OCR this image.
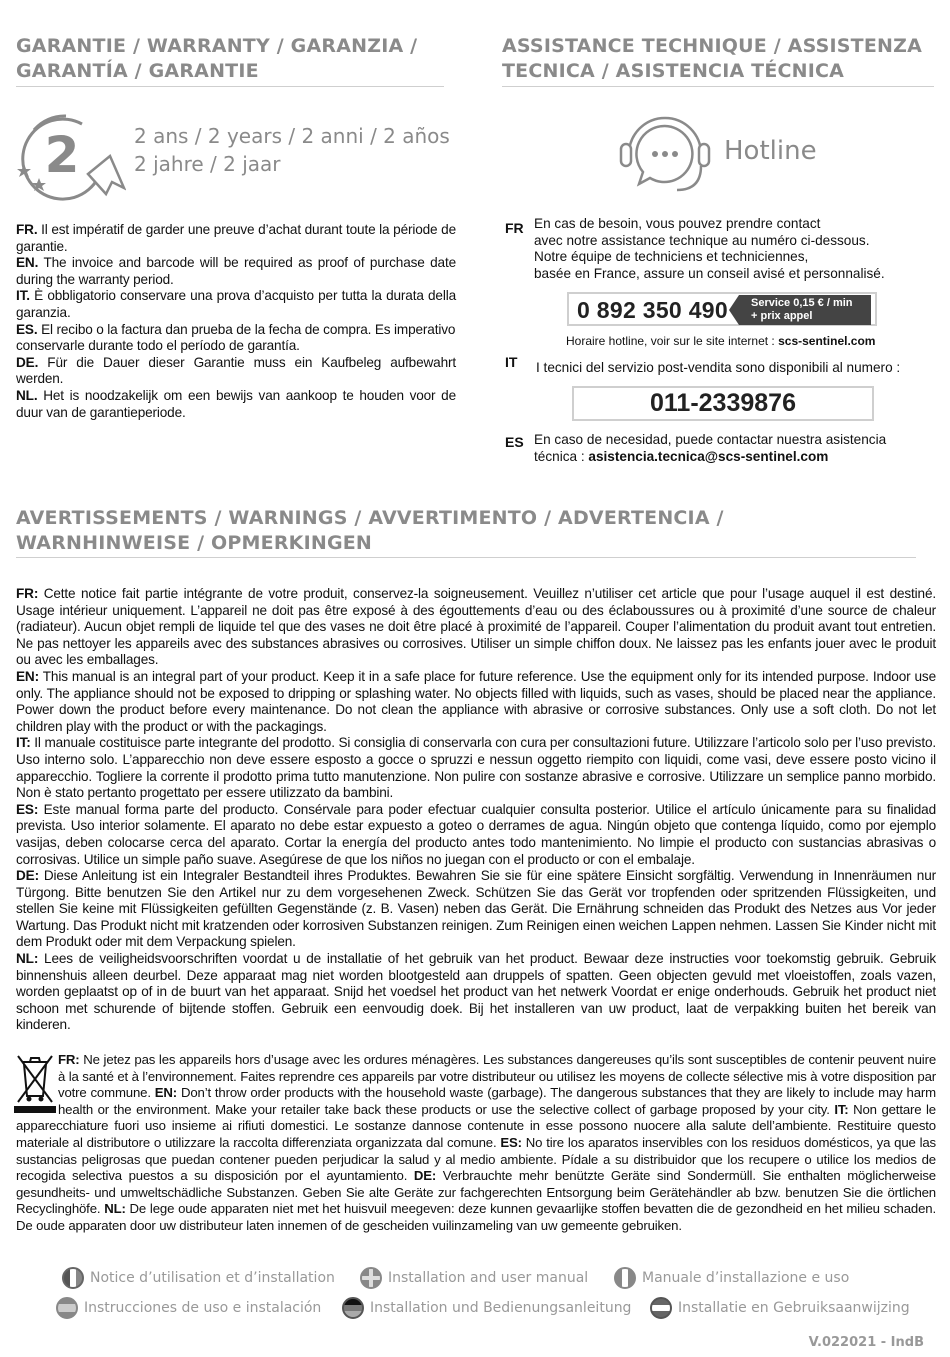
GARANTIE / WARRANTY / GARANZIA /
GARANTÍA / GARANTIE
2	2 ans / 2 years / 2 anni / 2 años
2 jahre / 2 jaar

FR. Il est impératif de garder une preuve d’achat durant toute la période de garantie.

EN. The invoice and barcode will be required as proof of purchase date during the warranty period.

IT. È obbligatorio conservare una prova d’acquisto per tutta la durata della garanzia.

ES. El recibo o la factura dan prueba de la fecha de compra. Es imperativo conservarle durante todo el período de garantía.

DE. Für die Dauer dieser Garantie muss ein Kaufbeleg aufbewahrt werden.

NL. Het is noodzakelijk om een bewijs van aankoop te houden voor de duur van de garantieperiode.

ASSISTANCE TECHNIQUE / ASSISTENZA
TECNICA / ASISTENCIA TÉCNICA
Hotline
FR En cas de besoin, vous pouvez prendre contact
avec notre assistance technique au numéro ci-dessous.
Notre équipe de techniciens et techniciennes,
basée en France, assure un conseil avisé et personnalisé.
0 892 350 490 Service 0,15 € / min
+ prix appel
Horaire hotline, voir sur le site internet : scs-sentinel.com
IT I tecnici del servizio post-vendita sono disponibili al numero :
011-2339876
ES En caso de necesidad, puede contactar nuestra asistencia
técnica : asistencia.tecnica@scs-sentinel.com
AVERTISSEMENTS / WARNINGS / AVVERTIMENTO / ADVERTENCIA /
WARNHINWEISE / OPMERKINGEN

FR: Cette notice fait partie intégrante de votre produit, conservez-la soigneusement. Veuillez n’utiliser cet article que pour l’usage auquel il est destiné. Usage intérieur uniquement. L’appareil ne doit pas être exposé à des égouttements d’eau ou des éclaboussures ou à proximité d’une source de chaleur (radiateur). Aucun objet rempli de liquide tel que des vases ne doit être placé à proximité de l’appareil. Couper l’alimentation du produit avant tout entretien. Ne pas nettoyer les appareils avec des substances abrasives ou corrosives. Utiliser un simple chiffon doux. Ne laissez pas les enfants jouer avec le produit ou avec les emballages.

EN: This manual is an integral part of your product. Keep it in a safe place for future reference. Use the equipment only for its intended purpose. Indoor use only. The appliance should not be exposed to dripping or splashing water. No objects filled with liquids, such as vases, should be placed near the appliance. Power down the product before every maintenance. Do not clean the appliance with abrasive or corrosive substances. Only use a soft cloth. Do not let children play with the product or with the packagings.

IT: Il manuale costituisce parte integrante del prodotto. Si consiglia di conservarla con cura per consultazioni future. Utilizzare l’articolo solo per l’uso previsto. Uso interno solo. L’apparecchio non deve essere esposto a gocce o spruzzi e nessun oggetto riempito con liquidi, come vasi, deve essere posto vicino il apparecchio. Togliere la corrente il prodotto prima tutto manutenzione. Non pulire con sostanze abrasive e corrosive. Utilizzare un semplice panno morbido. Non è stato pertanto progettato per essere utilizzato da bambini.

ES: Este manual forma parte del producto. Consérvale para poder efectuar cualquier consulta posterior. Utilice el artículo únicamente para su finalidad prevista. Uso interior solamente. El aparato no debe estar expuesto a goteo o derrames de agua. Ningún objeto que contenga líquido, como por ejemplo vasijas, deben colocarse cerca del aparato. Cortar la energía del producto antes todo mantenimiento. No limpie el producto con sustancias abrasivas o corrosivas. Utilice un simple paño suave. Asegúrese de que los niños no juegan con el producto or con el embalaje.

DE: Diese Anleitung ist ein Integraler Bestandteil ihres Produktes. Bewahren Sie sie für eine spätere Einsicht sorgfältig. Verwendung in Innenräumen nur Türgong. Bitte benutzen Sie den Artikel nur zu dem vorgesehenen Zweck. Schützen Sie das Gerät vor tropfenden oder spritzenden Flüssigkeiten, und stellen Sie keine mit Flüssigkeiten gefüllten Gegenstände (z. B. Vasen) neben das Gerät. Die Ernährung schneiden das Produkt des Netzes aus Vor jeder Wartung. Das Produkt nicht mit kratzenden oder korrosiven Substanzen reinigen. Zum Reinigen einen weichen Lappen nehmen. Lassen Sie Kinder nicht mit dem Produkt oder mit dem Verpackung spielen.

NL: Lees de veiligheidsvoorschriften voordat u de installatie of het gebruik van het product. Bewaar deze instructies voor toekomstig gebruik. Gebruik binnenshuis alleen deurbel. Deze apparaat mag niet worden blootgesteld aan druppels of spatten. Geen objecten gevuld met vloeistoffen, zoals vazen, worden geplaatst op of in de buurt van het apparaat. Snijd het voedsel het product van het netwerk Voordat er enige onderhouds. Gebruik het product niet schoon met schurende of bijtende stoffen. Gebruik een eenvoudig doek. Bij het installeren van uw product, laat de verpakking buiten het bereik van kinderen.

FR: Ne jetez pas les appareils hors d’usage avec les ordures ménagères. Les substances dangereuses qu’ils sont susceptibles de contenir peuvent nuire à la santé et à l’environnement. Faites reprendre ces appareils par votre distributeur ou utilisez les moyens de collecte sélective mis à votre disposition par votre commune. EN: Don’t throw order products with the household waste (garbage). The dangerous substances that they are likely to include may harm health or the environment. Make your retailer take back these products or use the selective collect of garbage proposed by your city. IT: Non gettare le apparecchiature fuori uso insieme ai rifiuti domestici. Le sostanze dannose contenute in esse possono nuocere alla salute dell’ambiente. Restituire questo materiale al distributore o utilizzare la raccolta differenziata organizzata dal comune. ES: No tire los aparatos inservibles con los residuos domésticos, ya que las sustancias peligrosas que puedan contener pueden perjudicar la salud y al medio ambiente. Pídale a su distribuidor que los recupere o utilice los medios de recogida selectiva puestos a su disposición por el ayuntamiento. DE: Verbrauchte mehr benützte Geräte sind Sondermüll. Sie enthalten möglicherweise gesundheits- und umweltschädliche Substanzen. Geben Sie alte Geräte zur fachgerechten Entsorgung beim Gerätehändler ab bzw. benutzen Sie die örtlichen Recyclinghöfe. NL: De lege oude apparaten niet met het huisvuil meegeven: deze kunnen gevaarlijke stoffen bevatten die de gezondheid en het milieu schaden. De oude apparaten door uw distributeur laten innemen of de gescheiden vuilinzameling van uw gemeente gebruiken.
Notice d’utilisation et d’installation	Installation and user manual	Manuale d’installazione e uso
Instrucciones de uso e instalación	Installation und Bedienungsanleitung	Installatie en Gebruiksaanwijzing
V.022021 - IndB
